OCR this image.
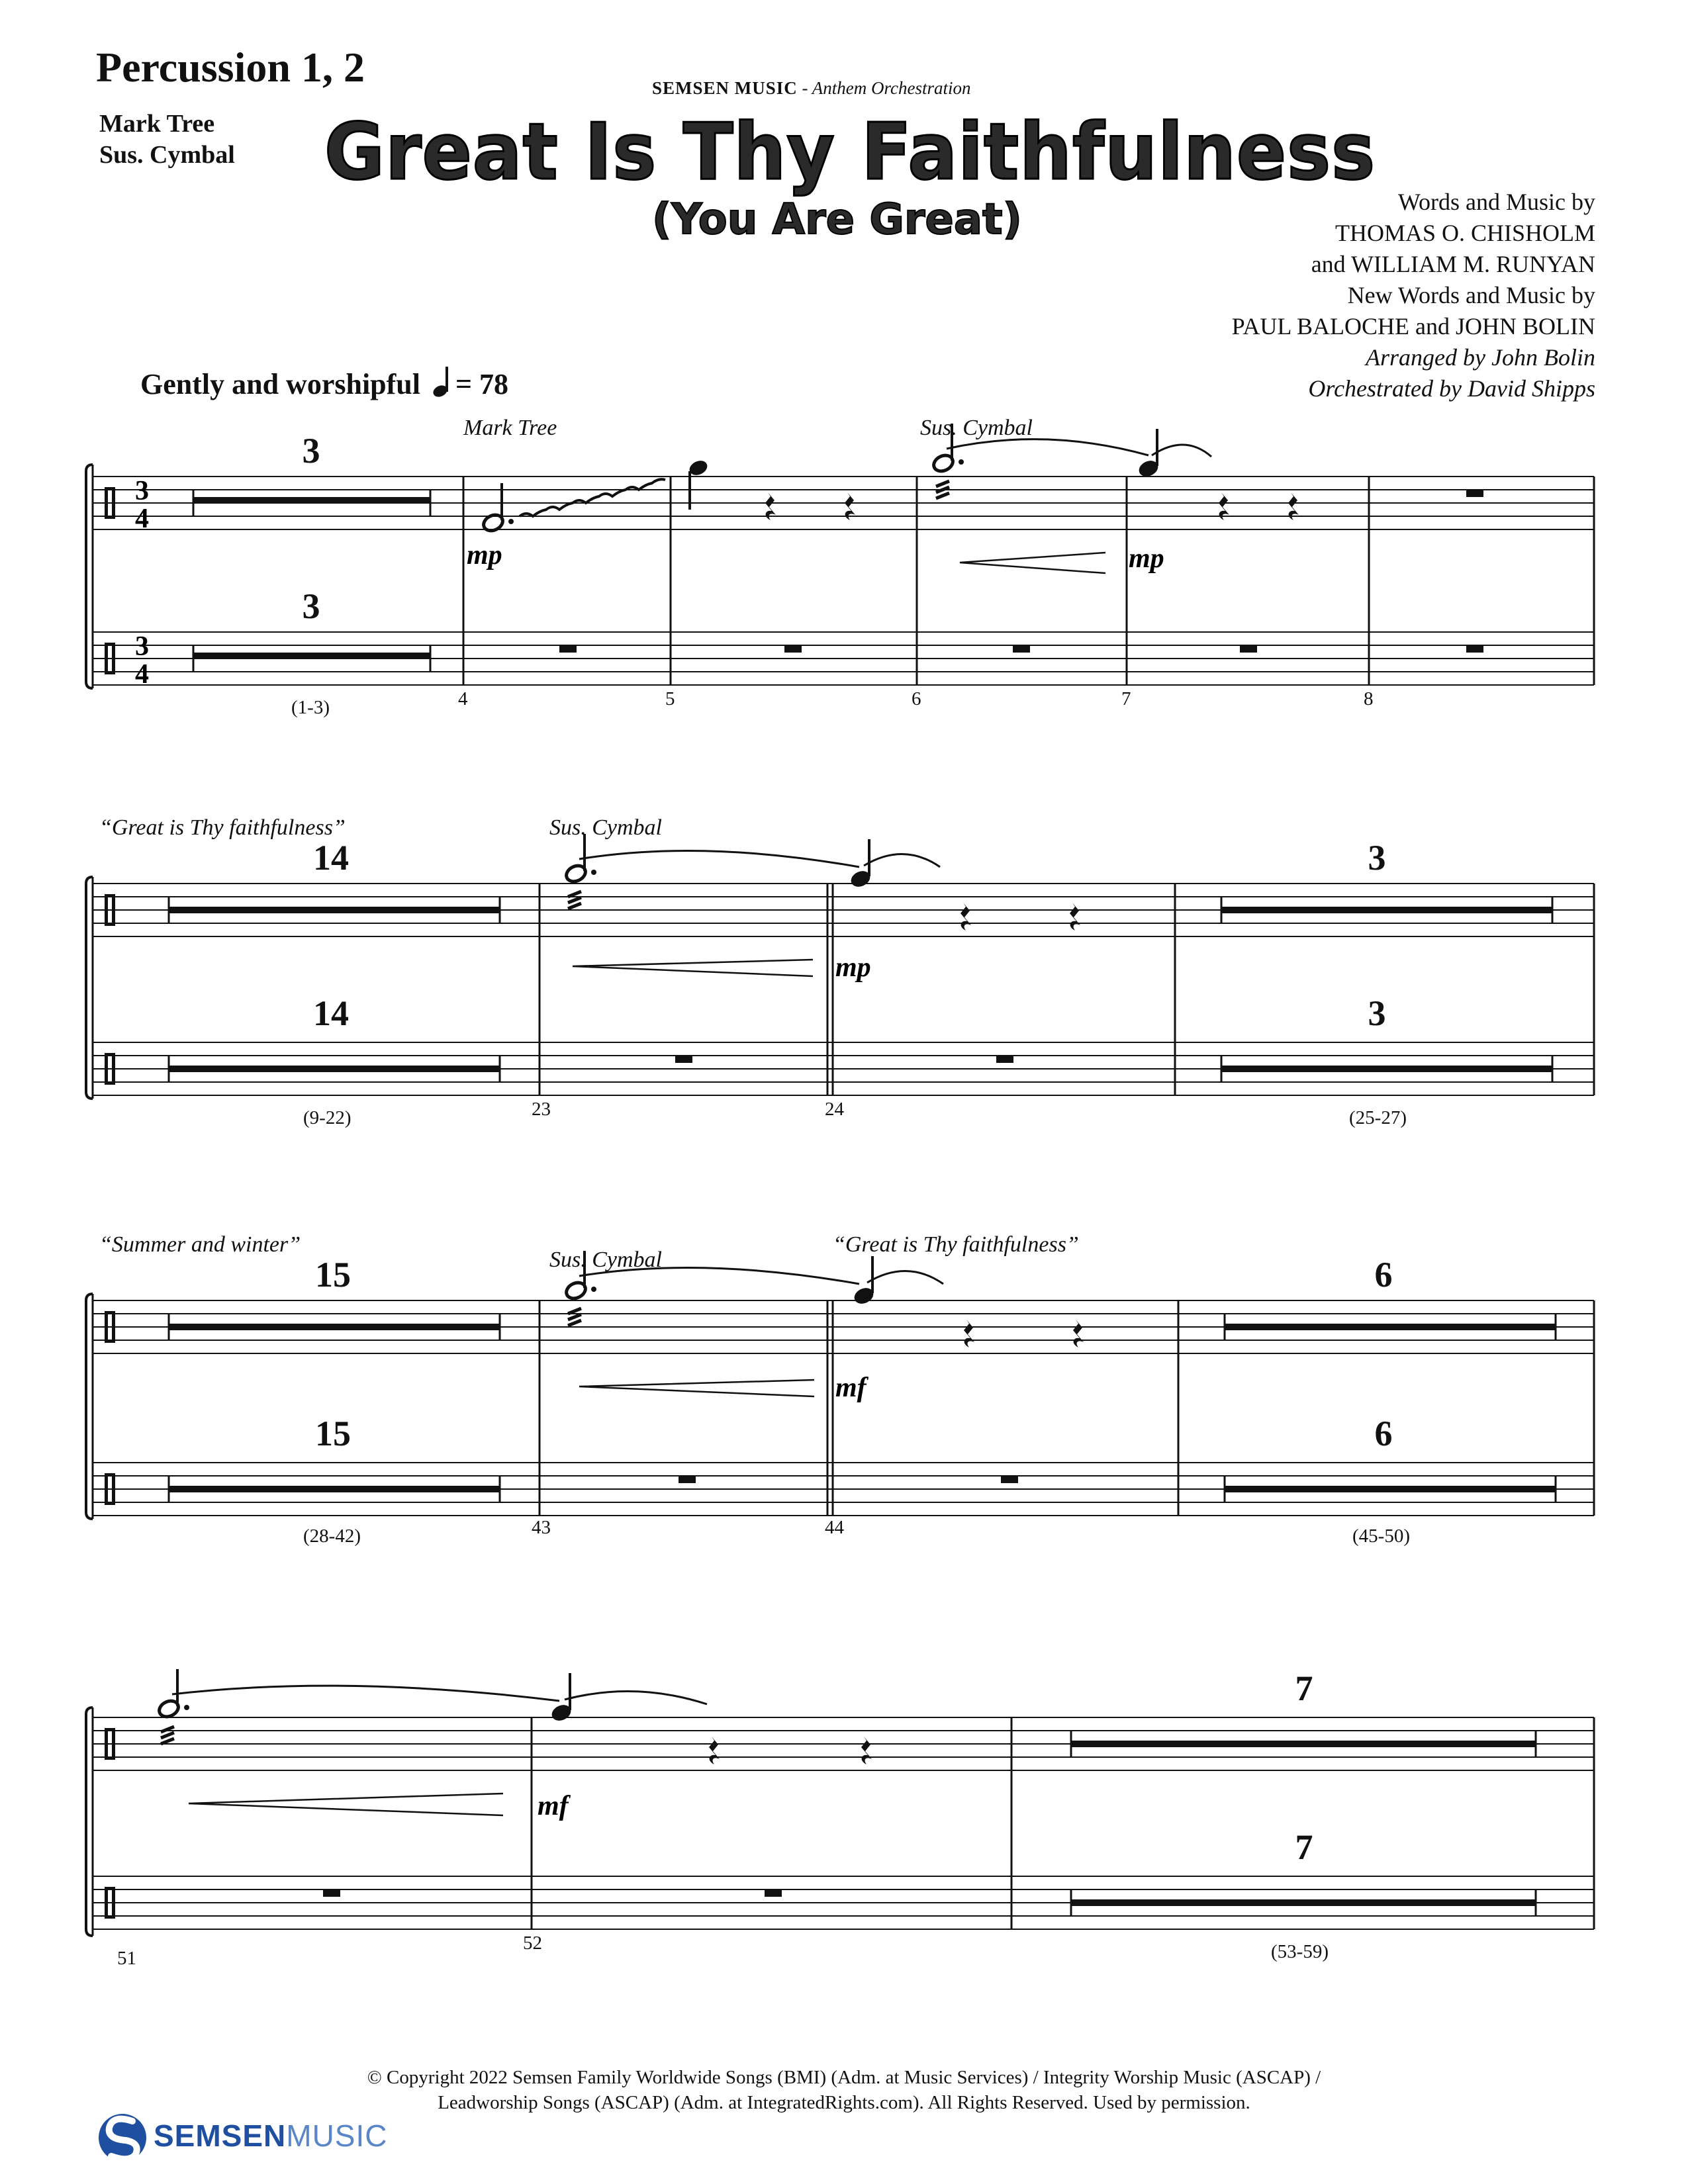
Percussion 1, 2
Mark Tree
Sus. Cymbal
SEMSEN MUSIC - Anthem Orchestration
Great Is Thy Faithfulness
(You Are Great)	Words and Music by
THOMAS O. CHISHOLM
and WILLIAM M. RUNYAN
New Words and Music by
PAUL BALOCHE and JOHN BOLIN
Arranged by John Bolin
Orchestrated by David Shipps
Gently and worshipful = 78
3
4
3
4
mp	mp
mp
mf
mf
Mark Tree	Sus. Cymbal
3
3
(1-3)	4	5	6	7	8
“Great is Thy faithfulness”	Sus. Cymbal
14
14
3
3
(9-22)	23	24	(25-27)
“Summer and winter”
Sus. Cymbal
“Great is Thy faithfulness”
15
15
6
6
(28-42)	43	44	(45-50)
7
7
51
52	(53-59)
© Copyright 2022 Semsen Family Worldwide Songs (BMI) (Adm. at Music Services) / Integrity Worship Music (ASCAP) /
Leadworship Songs (ASCAP) (Adm. at IntegratedRights.com). All Rights Reserved. Used by permission.
SEMSENMUSIC
